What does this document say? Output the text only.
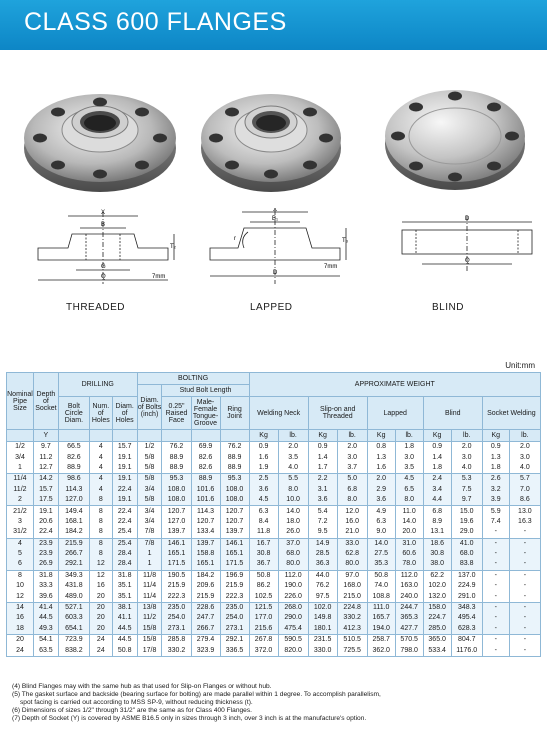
CLASS 600 FLANGES
X
B
T₂
G
Q	7mm
X
B₁
r	T₃
D
7mm
D
Q
THREADED	LAPPED	BLIND
Unit:mm
Nominal Pipe Size	Depth of Socket	DRILLING			BOLTING				APPROXIMATE WEIGHT									
					Diam. of Bolts (inch)	Stud Bolt Length												
		Bolt Circle Diam.	Num. of Holes	Diam. of Holes		0.25" Raised Face	Male-Female Tongue-Groove	Ring Joint	Welding Neck		Slip-on and Threaded		Lapped		Blind		Socket Welding	
	Y								Kg	lb.	Kg	lb.	Kg	lb.	Kg	lb.	Kg	lb.
1/2	9.7	66.5	4	15.7	1/2	76.2	69.9	76.2	0.9	2.0	0.9	2.0	0.8	1.8	0.9	2.0	0.9	2.0
3/4	11.2	82.6	4	19.1	5/8	88.9	82.6	88.9	1.6	3.5	1.4	3.0	1.3	3.0	1.4	3.0	1.3	3.0
1	12.7	88.9	4	19.1	5/8	88.9	82.6	88.9	1.9	4.0	1.7	3.7	1.6	3.5	1.8	4.0	1.8	4.0
11/4	14.2	98.6	4	19.1	5/8	95.3	88.9	95.3	2.5	5.5	2.2	5.0	2.0	4.5	2.4	5.3	2.6	5.7
11/2	15.7	114.3	4	22.4	3/4	108.0	101.6	108.0	3.6	8.0	3.1	6.8	2.9	6.5	3.4	7.5	3.2	7.0
2	17.5	127.0	8	19.1	5/8	108.0	101.6	108.0	4.5	10.0	3.6	8.0	3.6	8.0	4.4	9.7	3.9	8.6
21/2	19.1	149.4	8	22.4	3/4	120.7	114.3	120.7	6.3	14.0	5.4	12.0	4.9	11.0	6.8	15.0	5.9	13.0
3	20.6	168.1	8	22.4	3/4	127.0	120.7	120.7	8.4	18.0	7.2	16.0	6.3	14.0	8.9	19.6	7.4	16.3
31/2	22.4	184.2	8	25.4	7/8	139.7	133.4	139.7	11.8	26.0	9.5	21.0	9.0	20.0	13.1	29.0	-	-
4	23.9	215.9	8	25.4	7/8	146.1	139.7	146.1	16.7	37.0	14.9	33.0	14.0	31.0	18.6	41.0	-	-
5	23.9	266.7	8	28.4	1	165.1	158.8	165.1	30.8	68.0	28.5	62.8	27.5	60.6	30.8	68.0	-	-
6	26.9	292.1	12	28.4	1	171.5	165.1	171.5	36.7	80.0	36.3	80.0	35.3	78.0	38.0	83.8	-	-
8	31.8	349.3	12	31.8	11/8	190.5	184.2	196.9	50.8	112.0	44.0	97.0	50.8	112.0	62.2	137.0	-	-
10	33.3	431.8	16	35.1	11/4	215.9	209.6	215.9	86.2	190.0	76.2	168.0	74.0	163.0	102.0	224.9	-	-
12	39.6	489.0	20	35.1	11/4	222.3	215.9	222.3	102.5	226.0	97.5	215.0	108.8	240.0	132.0	291.0	-	-
14	41.4	527.1	20	38.1	13/8	235.0	228.6	235.0	121.5	268.0	102.0	224.8	111.0	244.7	158.0	348.3	-	-
16	44.5	603.3	20	41.1	11/2	254.0	247.7	254.0	177.0	290.0	149.8	330.2	165.7	365.3	224.7	495.4	-	-
18	49.3	654.1	20	44.5	15/8	273.1	266.7	273.1	215.6	475.4	180.1	412.3	194.0	427.7	285.0	628.3	-	-
20	54.1	723.9	24	44.5	15/8	285.8	279.4	292.1	267.8	590.5	231.5	510.5	258.7	570.5	365.0	804.7	-	-
24	63.5	838.2	24	50.8	17/8	330.2	323.9	336.5	372.0	820.0	330.0	725.5	362.0	798.0	533.4	1176.0	-	-
(4) Blind Flanges may with the same hub as that used for Slip-on Flanges or without hub.
(5) The gasket surface and backside (bearing surface for bolting) are made parallel within 1 degree. To accomplish parallelism,
spot facing is carried out according to MSS SP-9, without reducing thickness (t).
(6) Dimensions of sizes 1/2" through 31/2" are the same as for Class 400 Flanges.
(7) Depth of Socket (Y) is covered by ASME B16.5 only in sizes through 3 inch, over 3 inch is at the manufacture's option.
